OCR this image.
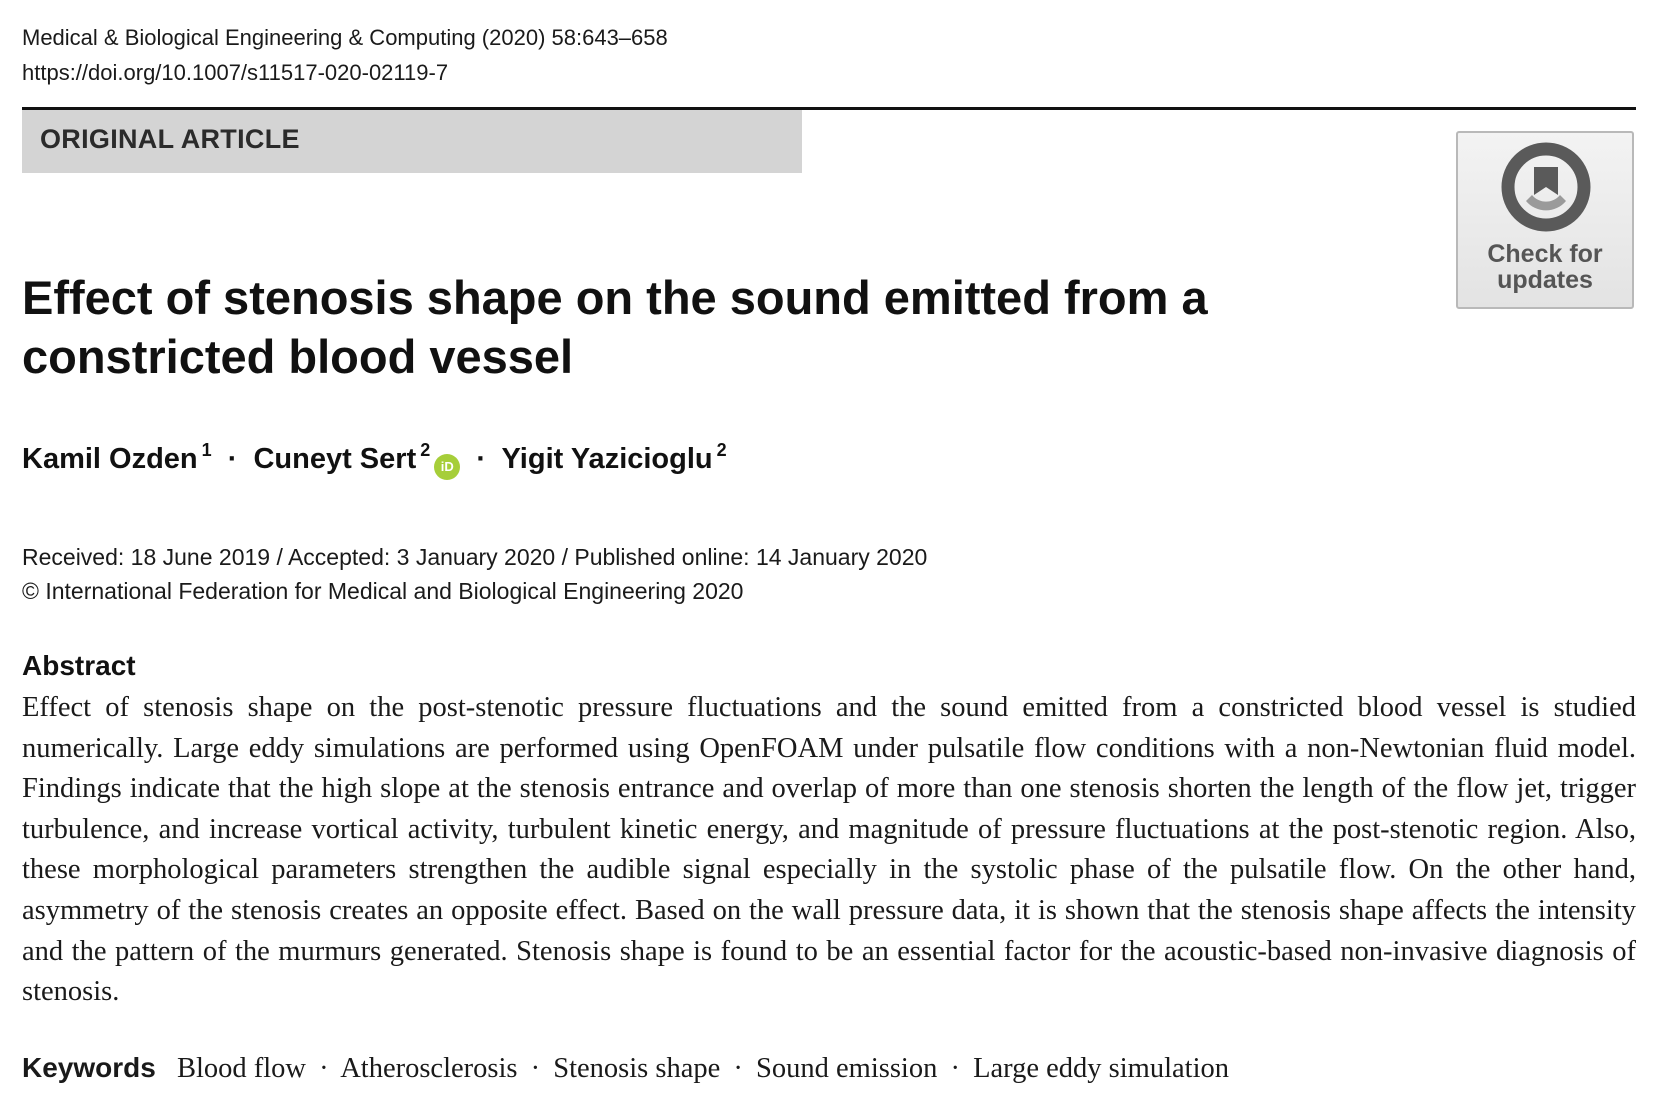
Medical & Biological Engineering & Computing (2020) 58:643–658
https://doi.org/10.1007/s11517-020-02119-7
ORIGINAL ARTICLE
Check for
updates
Effect of stenosis shape on the sound emitted from a constricted blood vessel
Kamil Ozden $^1$ · Cuneyt Sert $^2$iD · Yigit Yazicioglu $^2$
Received: 18 June 2019 / Accepted: 3 January 2020 / Published online: 14 January 2020
© International Federation for Medical and Biological Engineering 2020
Abstract
Effect of stenosis shape on the post-stenotic pressure fluctuations and the sound emitted from a constricted blood vessel is studied numerically. Large eddy simulations are performed using OpenFOAM under pulsatile flow conditions with a non-Newtonian fluid model. Findings indicate that the high slope at the stenosis entrance and overlap of more than one stenosis shorten the length of the flow jet, trigger turbulence, and increase vortical activity, turbulent kinetic energy, and magnitude of pressure fluctuations at the post-stenotic region. Also, these morphological parameters strengthen the audible signal especially in the systolic phase of the pulsatile flow. On the other hand, asymmetry of the stenosis creates an opposite effect. Based on the wall pressure data, it is shown that the stenosis shape affects the intensity and the pattern of the murmurs generated. Stenosis shape is found to be an essential factor for the acoustic-based non-invasive diagnosis of stenosis.
Keywords Blood flow · Atherosclerosis · Stenosis shape · Sound emission · Large eddy simulation
